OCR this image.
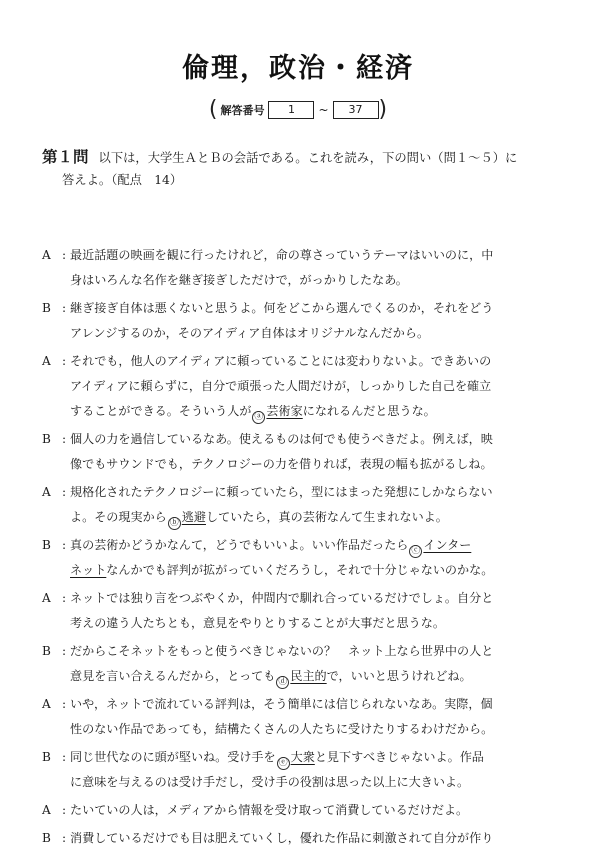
倫理，政治・経済
( 解答番号	1	~	37 )
第１問 以下は，大学生ＡとＢの会話である。これを読み，下の問い（問１～５）に
答えよ。（配点　14）
A : 最近話題の映画を観に行ったけれど，命の尊さっていうテーマはいいのに，中
身はいろんな名作を継ぎ接ぎしただけで，がっかりしたなあ。
B : 継ぎ接ぎ自体は悪くないと思うよ。何をどこから選んでくるのか，それをどう
アレンジするのか，そのアイディア自体はオリジナルなんだから。
A : それでも，他人のアイディアに頼っていることには変わりないよ。できあいの
アイディアに頼らずに，自分で頑張った人間だけが，しっかりした自己を確立
することができる。そういう人が ⓐ 芸術家になれるんだと思うな。
B : 個人の力を過信しているなあ。使えるものは何でも使うべきだよ。例えば，映
像でもサウンドでも，テクノロジーの力を借りれば，表現の幅も拡がるしね。
A : 規格化されたテクノロジーに頼っていたら，型にはまった発想にしかならない
よ。その現実から ⓑ 逃避していたら，真の芸術なんて生まれないよ。
B : 真の芸術かどうかなんて，どうでもいいよ。いい作品だったら ⓒ インター
ネットなんかでも評判が拡がっていくだろうし，それで十分じゃないのかな。
A : ネットでは独り言をつぶやくか，仲間内で馴れ合っているだけでしょ。自分と
考えの違う人たちとも，意見をやりとりすることが大事だと思うな。
B : だからこそネットをもっと使うべきじゃないの？　ネット上なら世界中の人と
意見を言い合えるんだから，とっても ⓓ 民主的で，いいと思うけれどね。
A : いや，ネットで流れている評判は，そう簡単には信じられないなあ。実際，個
性のない作品であっても，結構たくさんの人たちに受けたりするわけだから。
B : 同じ世代なのに頭が堅いね。受け手を ⓔ 大衆と見下すべきじゃないよ。作品
に意味を与えるのは受け手だし，受け手の役割は思った以上に大きいよ。
A : たいていの人は，メディアから情報を受け取って消費しているだけだよ。
B : 消費しているだけでも目は肥えていくし，優れた作品に刺激されて自分が作り
